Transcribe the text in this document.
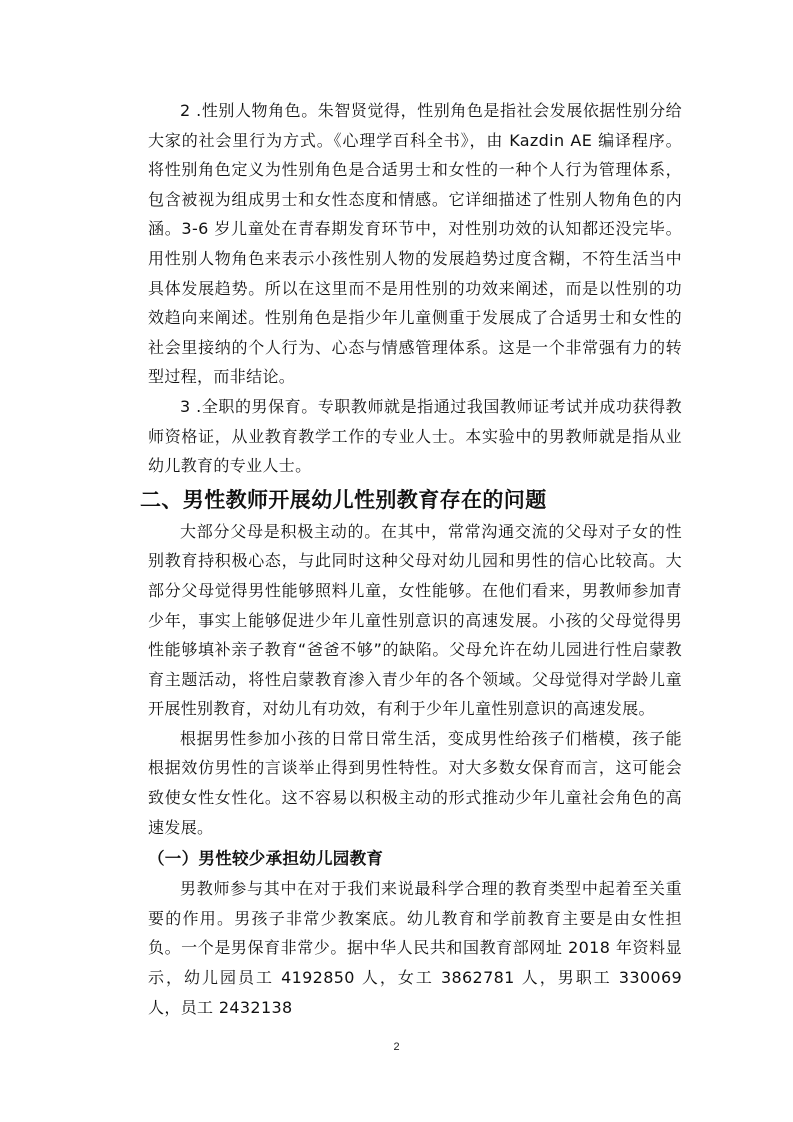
2 .性别人物角色。朱智贤觉得，性别角色是指社会发展依据性别分给大家的社会里行为方式。《心理学百科全书》，由 Kazdin AE 编译程序。将性别角色定义为性别角色是合适男士和女性的一种个人行为管理体系，包含被视为组成男士和女性态度和情感。它详细描述了性别人物角色的内涵。3-6 岁儿童处在青春期发育环节中，对性别功效的认知都还没完毕。用性别人物角色来表示小孩性别人物的发展趋势过度含糊，不符生活当中具体发展趋势。所以在这里而不是用性别的功效来阐述，而是以性别的功效趋向来阐述。性别角色是指少年儿童侧重于发展成了合适男士和女性的社会里接纳的个人行为、心态与情感管理体系。这是一个非常强有力的转型过程，而非结论。

3 .全职的男保育。专职教师就是指通过我国教师证考试并成功获得教师资格证，从业教育教学工作的专业人士。本实验中的男教师就是指从业幼儿教育的专业人士。

二、男性教师开展幼儿性别教育存在的问题

大部分父母是积极主动的。在其中，常常沟通交流的父母对子女的性别教育持积极心态，与此同时这种父母对幼儿园和男性的信心比较高。大部分父母觉得男性能够照料儿童，女性能够。在他们看来，男教师参加青少年，事实上能够促进少年儿童性别意识的高速发展。小孩的父母觉得男性能够填补亲子教育“爸爸不够”的缺陷。父母允许在幼儿园进行性启蒙教育主题活动，将性启蒙教育渗入青少年的各个领域。父母觉得对学龄儿童开展性别教育，对幼儿有功效，有利于少年儿童性别意识的高速发展。

根据男性参加小孩的日常日常生活，变成男性给孩子们楷模，孩子能根据效仿男性的言谈举止得到男性特性。对大多数女保育而言，这可能会致使女性女性化。这不容易以积极主动的形式推动少年儿童社会角色的高速发展。

（一）男性较少承担幼儿园教育

男教师参与其中在对于我们来说最科学合理的教育类型中起着至关重要的作用。男孩子非常少教案底。幼儿教育和学前教育主要是由女性担负。一个是男保育非常少。据中华人民共和国教育部网址 2018 年资料显示，幼儿园员工 4192850 人，女工 3862781 人，男职工 330069 人，员工 2432138

2
